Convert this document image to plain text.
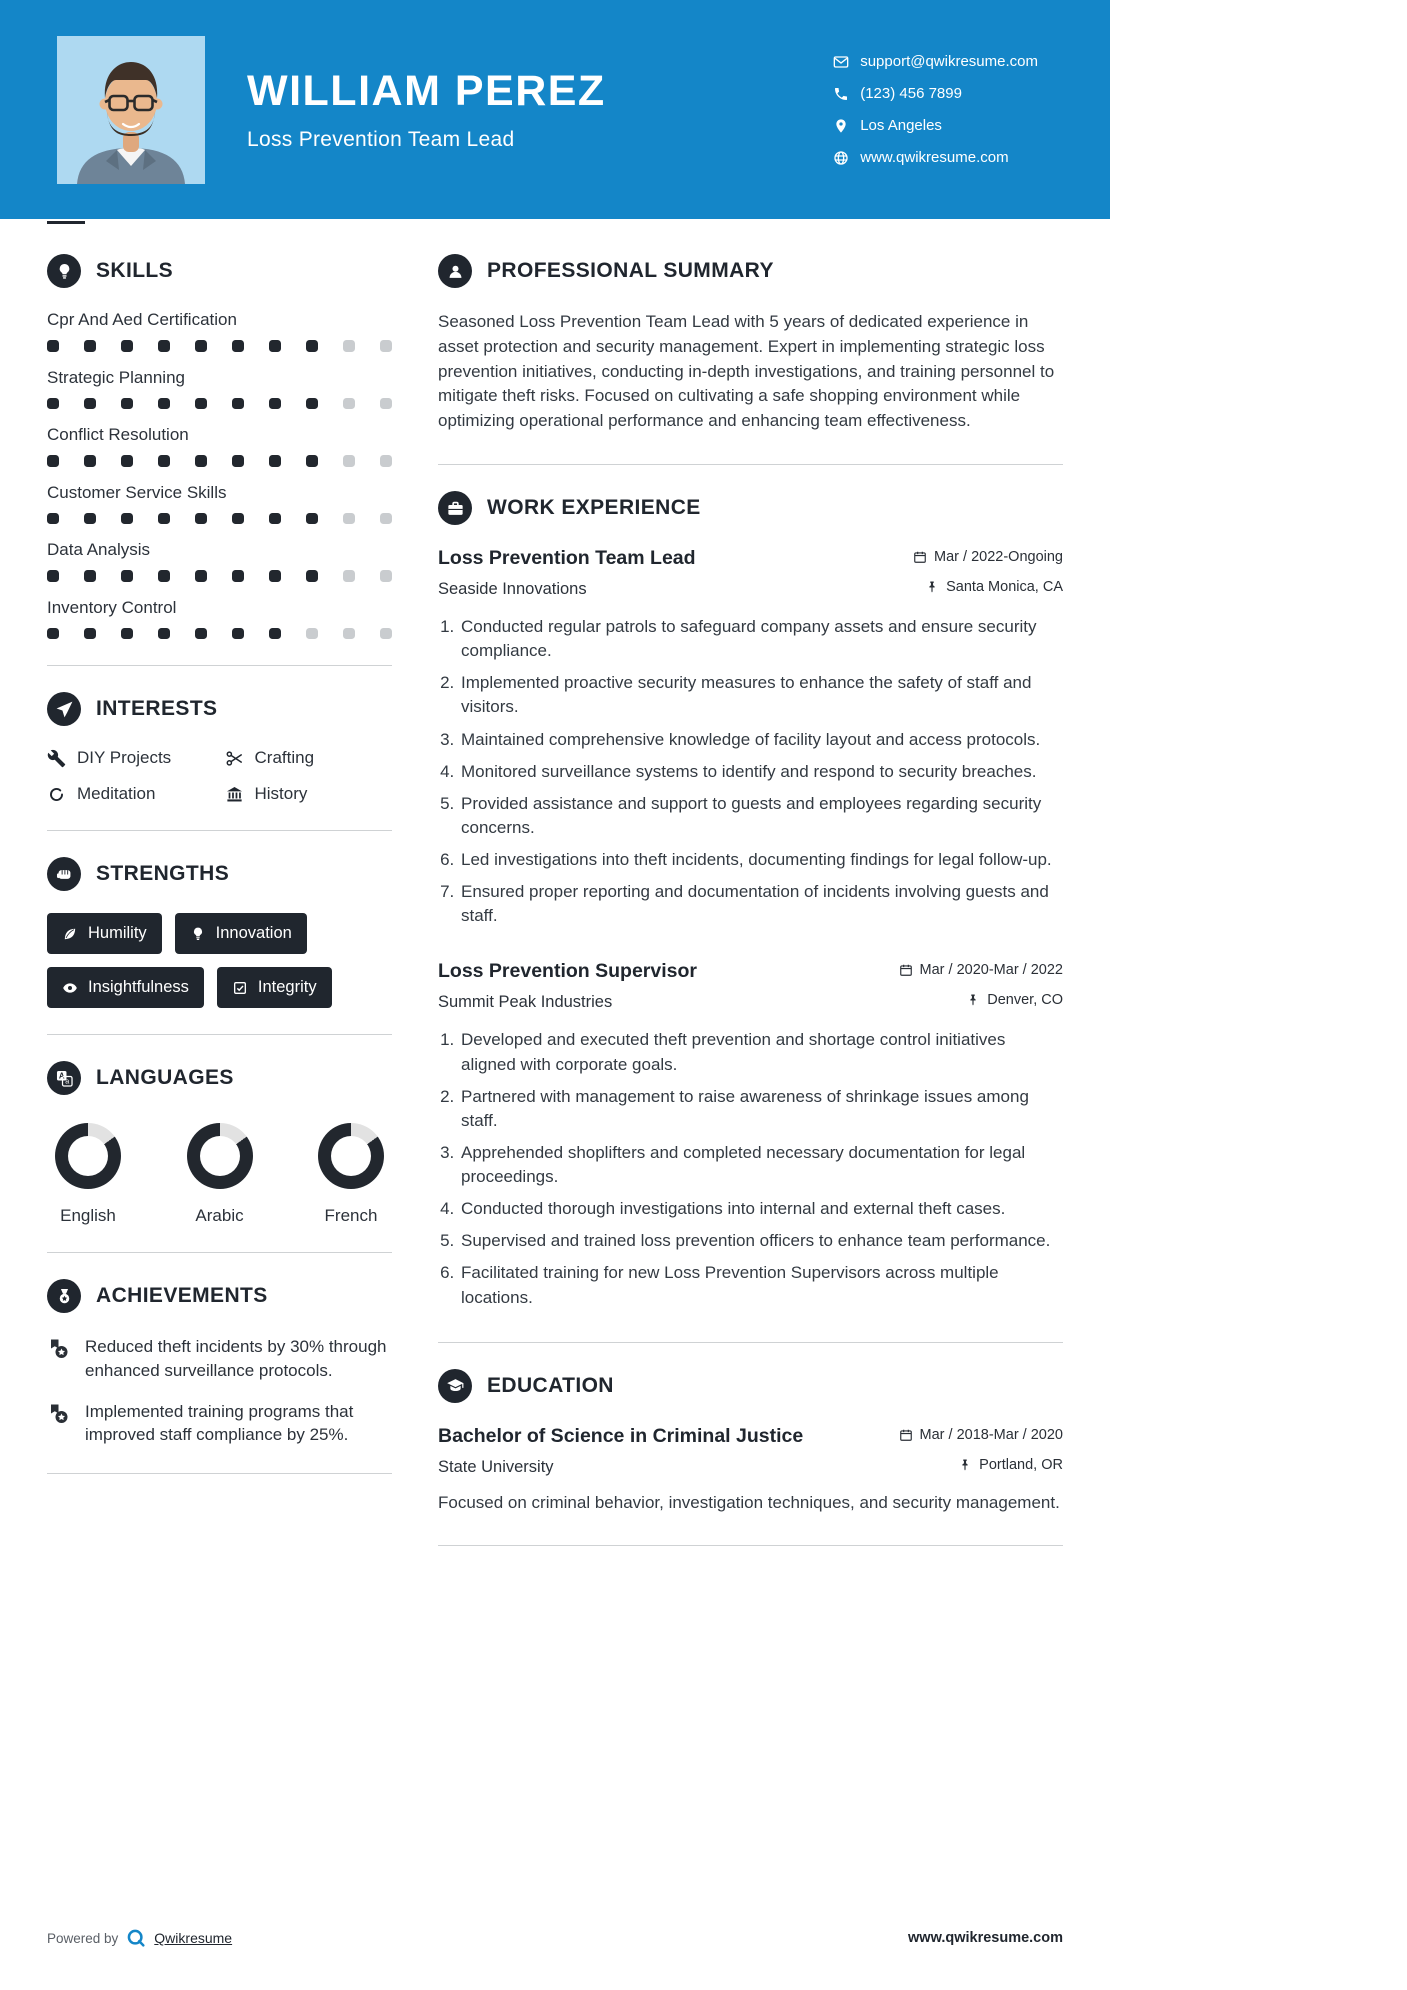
WILLIAM PEREZ
Loss Prevention Team Lead
support@qwikresume.com
(123) 456 7899
Los Angeles
www.qwikresume.com
SKILLS
Cpr And Aed Certification
Strategic Planning
Conflict Resolution
Customer Service Skills
Data Analysis
Inventory Control
INTERESTS
DIY Projects	Crafting
Meditation	History
STRENGTHS
Humility	Innovation
Insightfulness	Integrity
A
a LANGUAGES
English	Arabic	French
ACHIEVEMENTS
Reduced theft incidents by 30% through enhanced surveillance protocols.
Implemented training programs that improved staff compliance by 25%.
PROFESSIONAL SUMMARY

Seasoned Loss Prevention Team Lead with 5 years of dedicated experience in asset protection and security management. Expert in implementing strategic loss prevention initiatives, conducting in-depth investigations, and training personnel to mitigate theft risks. Focused on cultivating a safe shopping environment while optimizing operational performance and enhancing team effectiveness.

WORK EXPERIENCE
Loss Prevention Team Lead	Mar / 2022-Ongoing
Seaside Innovations	Santa Monica, CA
1. Conducted regular patrols to safeguard company assets and ensure security compliance.
2. Implemented proactive security measures to enhance the safety of staff and visitors.
3. Maintained comprehensive knowledge of facility layout and access protocols.
4. Monitored surveillance systems to identify and respond to security breaches.
5. Provided assistance and support to guests and employees regarding security concerns.
6. Led investigations into theft incidents, documenting findings for legal follow-up.
7. Ensured proper reporting and documentation of incidents involving guests and staff.
Loss Prevention Supervisor	Mar / 2020-Mar / 2022
Summit Peak Industries	Denver, CO
1. Developed and executed theft prevention and shortage control initiatives aligned with corporate goals.
2. Partnered with management to raise awareness of shrinkage issues among staff.
3. Apprehended shoplifters and completed necessary documentation for legal proceedings.
4. Conducted thorough investigations into internal and external theft cases.
5. Supervised and trained loss prevention officers to enhance team performance.
6. Facilitated training for new Loss Prevention Supervisors across multiple locations.
EDUCATION
Bachelor of Science in Criminal Justice	Mar / 2018-Mar / 2020
State University	Portland, OR

Focused on criminal behavior, investigation techniques, and security management.

Powered by	Qwikresume	www.qwikresume.com
